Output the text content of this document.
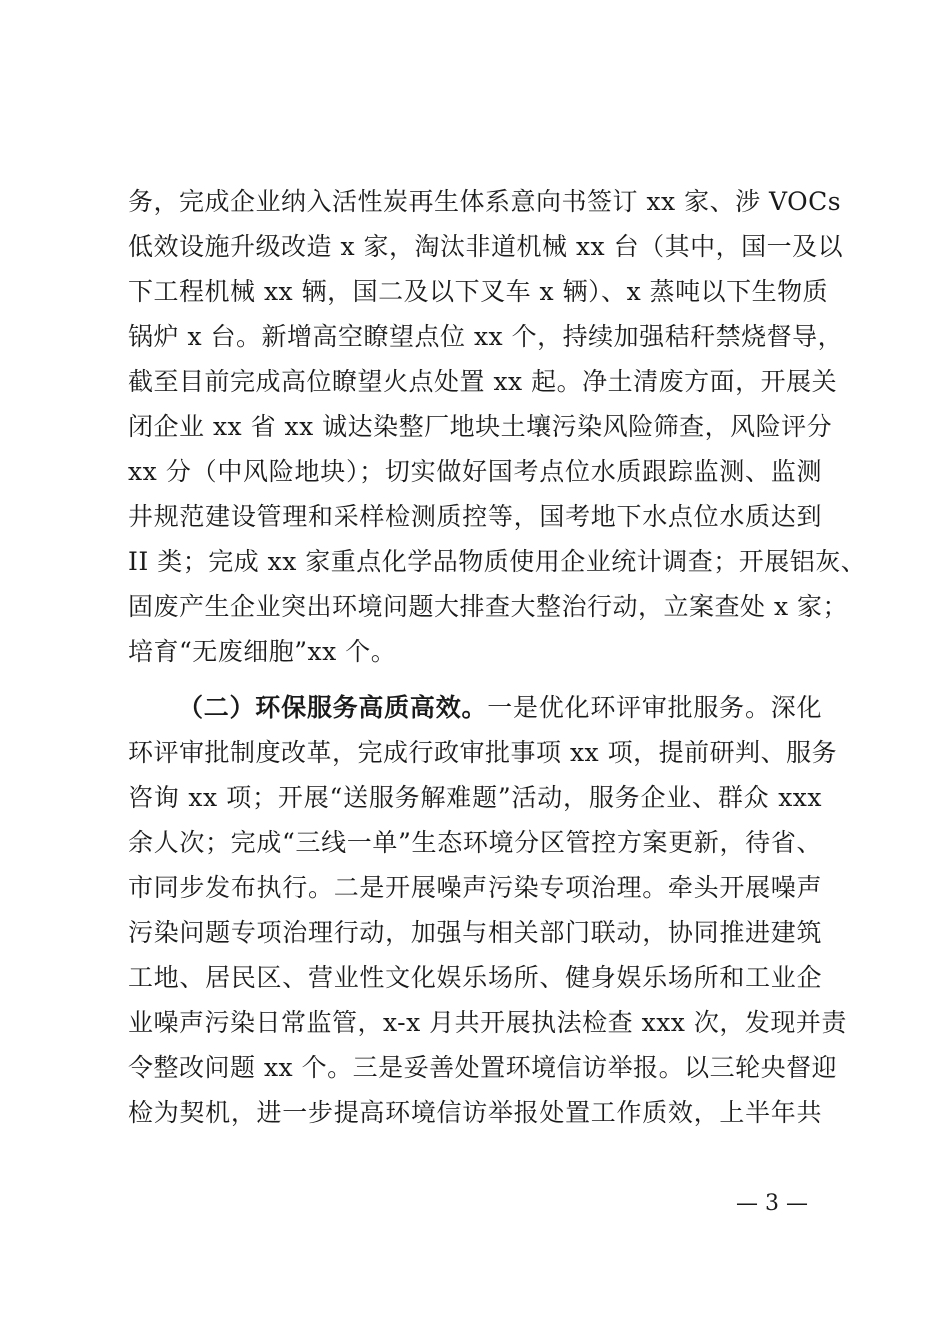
务，完成企业纳入活性炭再生体系意向书签订 xx 家、涉 VOCs
低效设施升级改造 x 家，淘汰非道机械 xx 台（其中，国一及以
下工程机械 xx 辆，国二及以下叉车 x 辆）、x 蒸吨以下生物质
锅炉 x 台。新增高空瞭望点位 xx 个，持续加强秸秆禁烧督导，
截至目前完成高位瞭望火点处置 xx 起。净土清废方面，开展关
闭企业 xx 省 xx 诚达染整厂地块土壤污染风险筛查，风险评分
xx 分（中风险地块）；切实做好国考点位水质跟踪监测、监测
井规范建设管理和采样检测质控等，国考地下水点位水质达到
II 类；完成 xx 家重点化学品物质使用企业统计调查；开展铝灰、
固废产生企业突出环境问题大排查大整治行动，立案查处 x 家；
培育“无废细胞”xx 个。
（二）环保服务高质高效。一是优化环评审批服务。深化
环评审批制度改革，完成行政审批事项 xx 项，提前研判、服务
咨询 xx 项；开展“送服务解难题”活动，服务企业、群众 xxx
余人次；完成“三线一单”生态环境分区管控方案更新，待省、
市同步发布执行。二是开展噪声污染专项治理。牵头开展噪声
污染问题专项治理行动，加强与相关部门联动，协同推进建筑
工地、居民区、营业性文化娱乐场所、健身娱乐场所和工业企
业噪声污染日常监管，x-x 月共开展执法检查 xxx 次，发现并责
令整改问题 xx 个。三是妥善处置环境信访举报。以三轮央督迎
检为契机，进一步提高环境信访举报处置工作质效，上半年共
— 3 —
